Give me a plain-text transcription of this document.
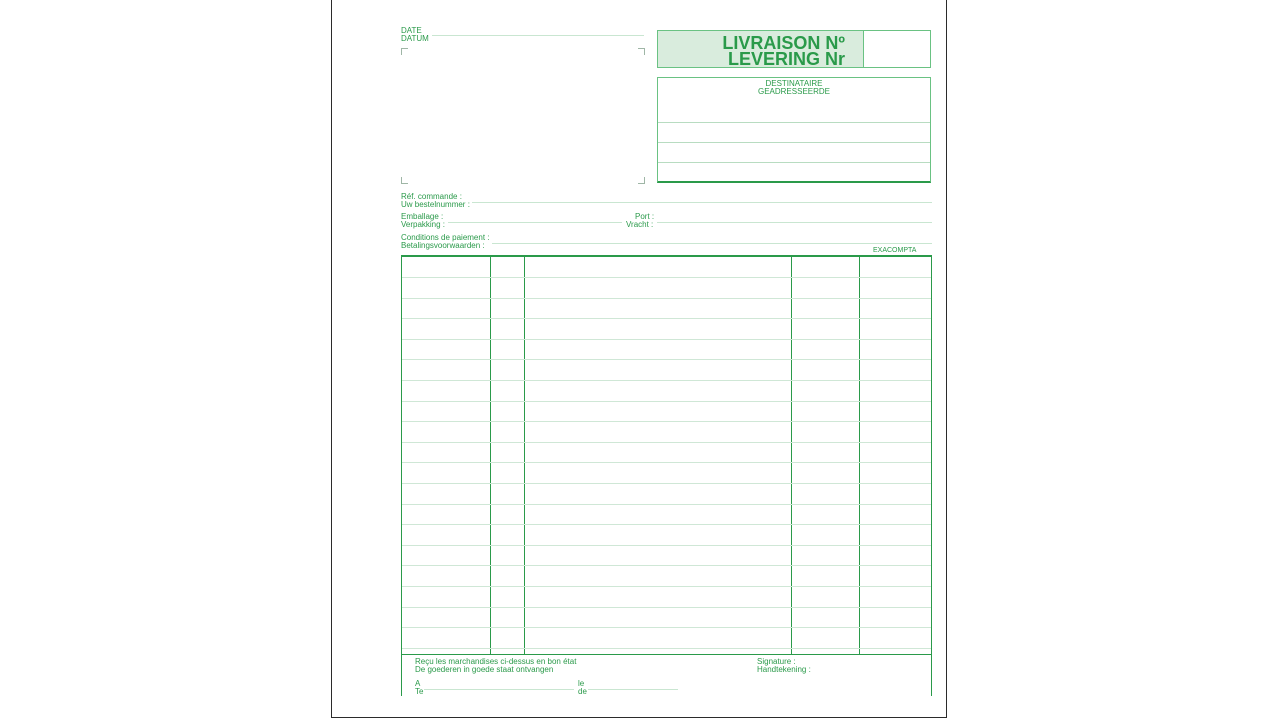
DATE
DATUM	LIVRAISON Nº
LEVERING Nr
DESTINATAIRE
GEADRESSEERDE
Réf. commande :
Uw bestelnummer :
Emballage :
Verpakking :
Port :
Vracht :
Conditions de paiement :
Betalingsvoorwaarden :
EXACOMPTA
Reçu les marchandises ci-dessus en bon état
De goederen in goede staat ontvangen
Signature :
Handtekening :
A
Te
le
de
